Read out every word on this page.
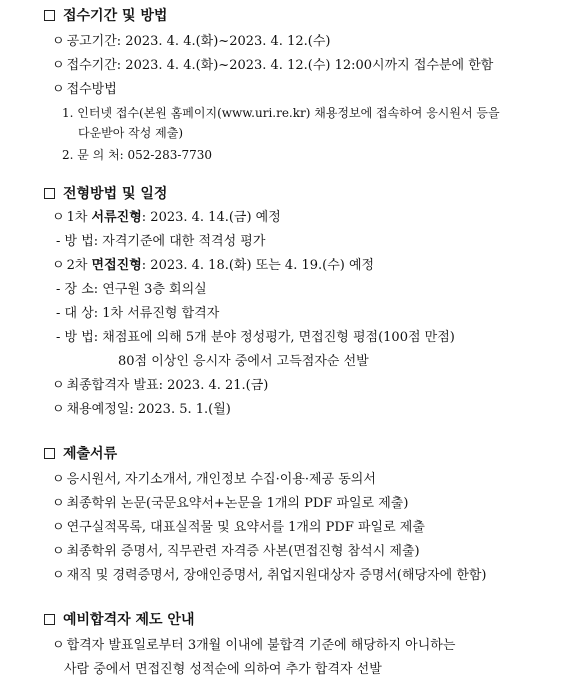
접수기간 및 방법
ㅇ 공고기간: 2023. 4. 4.(화)~2023. 4. 12.(수)
ㅇ 접수기간: 2023. 4. 4.(화)~2023. 4. 12.(수) 12:00시까지 접수분에 한함
ㅇ 접수방법
1. 인터넷 접수(본원 홈페이지(www.uri.re.kr) 채용정보에 접속하여 응시원서 등을
다운받아 작성 제출)
2. 문 의 처: 052-283-7730
전형방법 및 일정
ㅇ 1차 서류진형: 2023. 4. 14.(금) 예정
- 방 법: 자격기준에 대한 적격성 평가
ㅇ 2차 면접진형: 2023. 4. 18.(화) 또는 4. 19.(수) 예정
- 장 소: 연구원 3층 회의실
- 대 상: 1차 서류진형 합격자
- 방 법: 채점표에 의해 5개 분야 정성평가, 면접진형 평점(100점 만점)
80점 이상인 응시자 중에서 고득점자순 선발
ㅇ 최종합격자 발표: 2023. 4. 21.(금)
ㅇ 채용예정일: 2023. 5. 1.(월)
제출서류
ㅇ 응시원서, 자기소개서, 개인정보 수집·이용·제공 동의서
ㅇ 최종학위 논문(국문요약서+논문을 1개의 PDF 파일로 제출)
ㅇ 연구실적목록, 대표실적물 및 요약서를 1개의 PDF 파일로 제출
ㅇ 최종학위 증명서, 직무관련 자격증 사본(면접진형 참석시 제출)
ㅇ 재직 및 경력증명서, 장애인증명서, 취업지원대상자 증명서(해당자에 한함)
예비합격자 제도 안내
ㅇ 합격자 발표일로부터 3개월 이내에 불합격 기준에 해당하지 아니하는
사람 중에서 면접진형 성적순에 의하여 추가 합격자 선발
